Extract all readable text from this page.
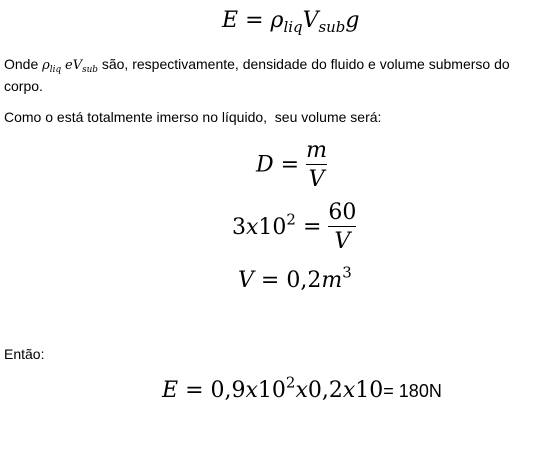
$E = \rho_{liq}V_{sub}g$
Onde $\rho_{liq}$ $eV_{sub}$ são, respectivamente, densidade do fluido e volume submerso do
corpo.
Como o está totalmente imerso no líquido,  seu volume será:
$D = \frac{m}{V}$
$3x10^2 = \frac{60}{V}$
$V = 0,2m^3$
Então:
$E = 0,9x10^2x0,2x10= 180N$
